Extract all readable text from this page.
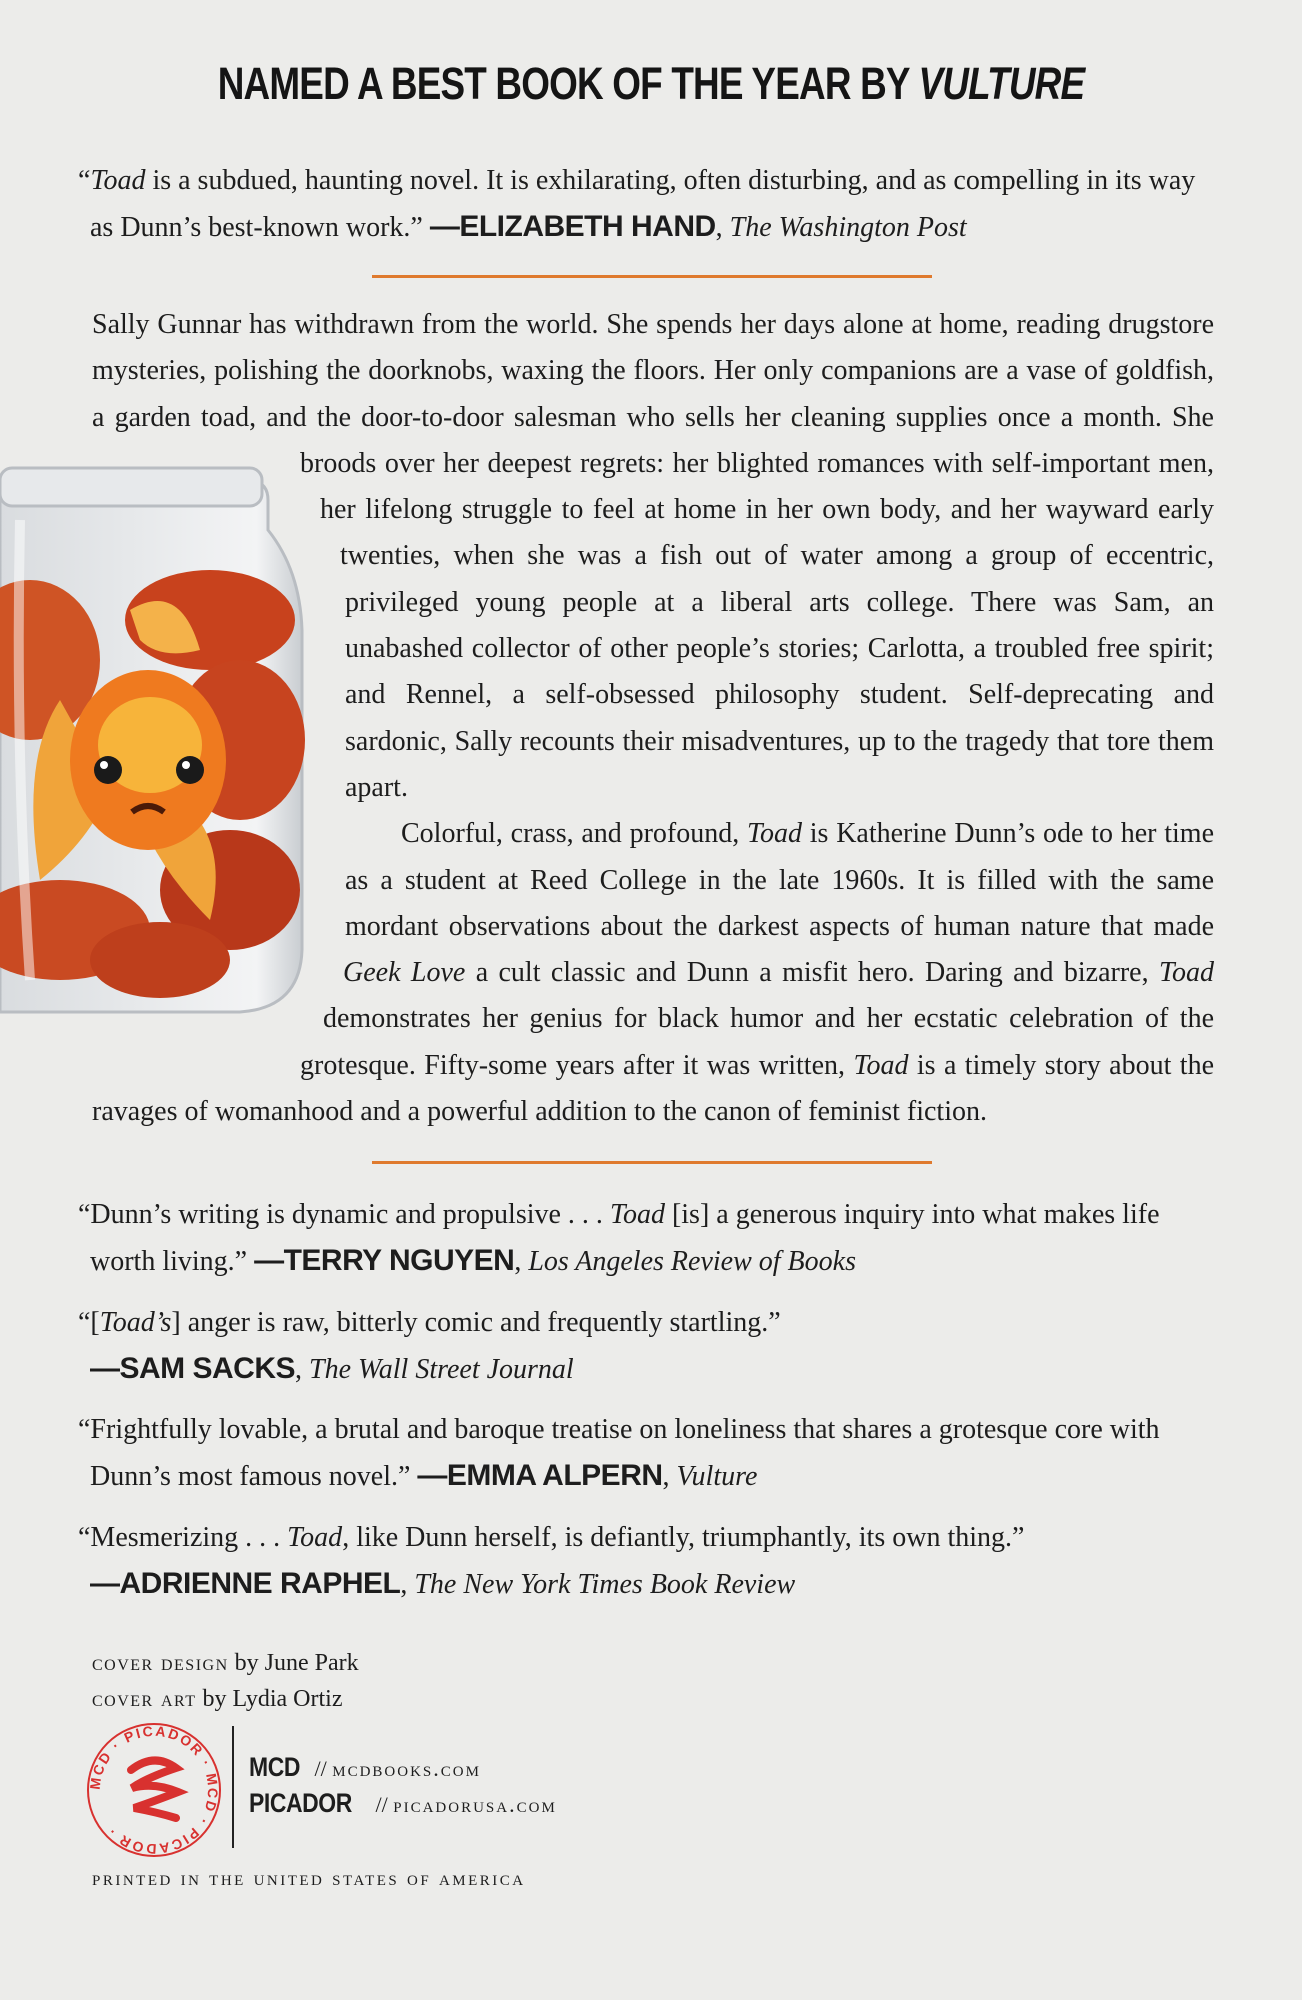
NAMED A BEST BOOK OF THE YEAR BY VULTURE

“Toad is a subdued, haunting novel. It is exhilarating, often disturbing, and as compelling in its way as Dunn’s best-known work.” —ELIZABETH HAND, The Washington Post

Sally Gunnar has withdrawn from the world. She spends her days alone at home, reading drugstore mysteries, polishing the doorknobs, waxing the floors. Her only companions are a vase of goldfish, a garden toad, and the door-to-door salesman who sells her cleaning supplies once a month. She broods over her deepest regrets: her blighted romances with self-important men, her lifelong struggle to feel at home in her own body, and her wayward early twenties, when she was a fish out of water among a group of eccentric, privileged young people at a liberal arts college. There was Sam, an unabashed collector of other people’s stories; Carlotta, a troubled free spirit; and Rennel, a self-obsessed philosophy student. Self-deprecating and sardonic, Sally recounts their misadventures, up to the tragedy that tore them apart.

Colorful, crass, and profound, Toad is Katherine Dunn’s ode to her time as a student at Reed College in the late 1960s. It is filled with the same mordant observations about the darkest aspects of human nature that made Geek Love a cult classic and Dunn a misfit hero. Daring and bizarre, Toad demonstrates her genius for black humor and her ecstatic celebration of the grotesque. Fifty-some years after it was written, Toad is a timely story about the ravages of womanhood and a powerful addition to the canon of feminist fiction.

“Dunn’s writing is dynamic and propulsive . . . Toad [is] a generous inquiry into what makes life worth living.” —TERRY NGUYEN, Los Angeles Review of Books

“[Toad’s] anger is raw, bitterly comic and frequently startling.”
—SAM SACKS, The Wall Street Journal

“Frightfully lovable, a brutal and baroque treatise on loneliness that shares a grotesque core with Dunn’s most famous novel.” —EMMA ALPERN, Vulture

“Mesmerizing . . . Toad, like Dunn herself, is defiantly, triumphantly, its own thing.”
—ADRIENNE RAPHEL, The New York Times Book Review

cover design by June Park
cover art by Lydia Ortiz
MCD · PICADOR · MCD · PICADOR ·
MCD // mcdbooks.com
PICADOR // picadorusa.com
printed in the united states of america
